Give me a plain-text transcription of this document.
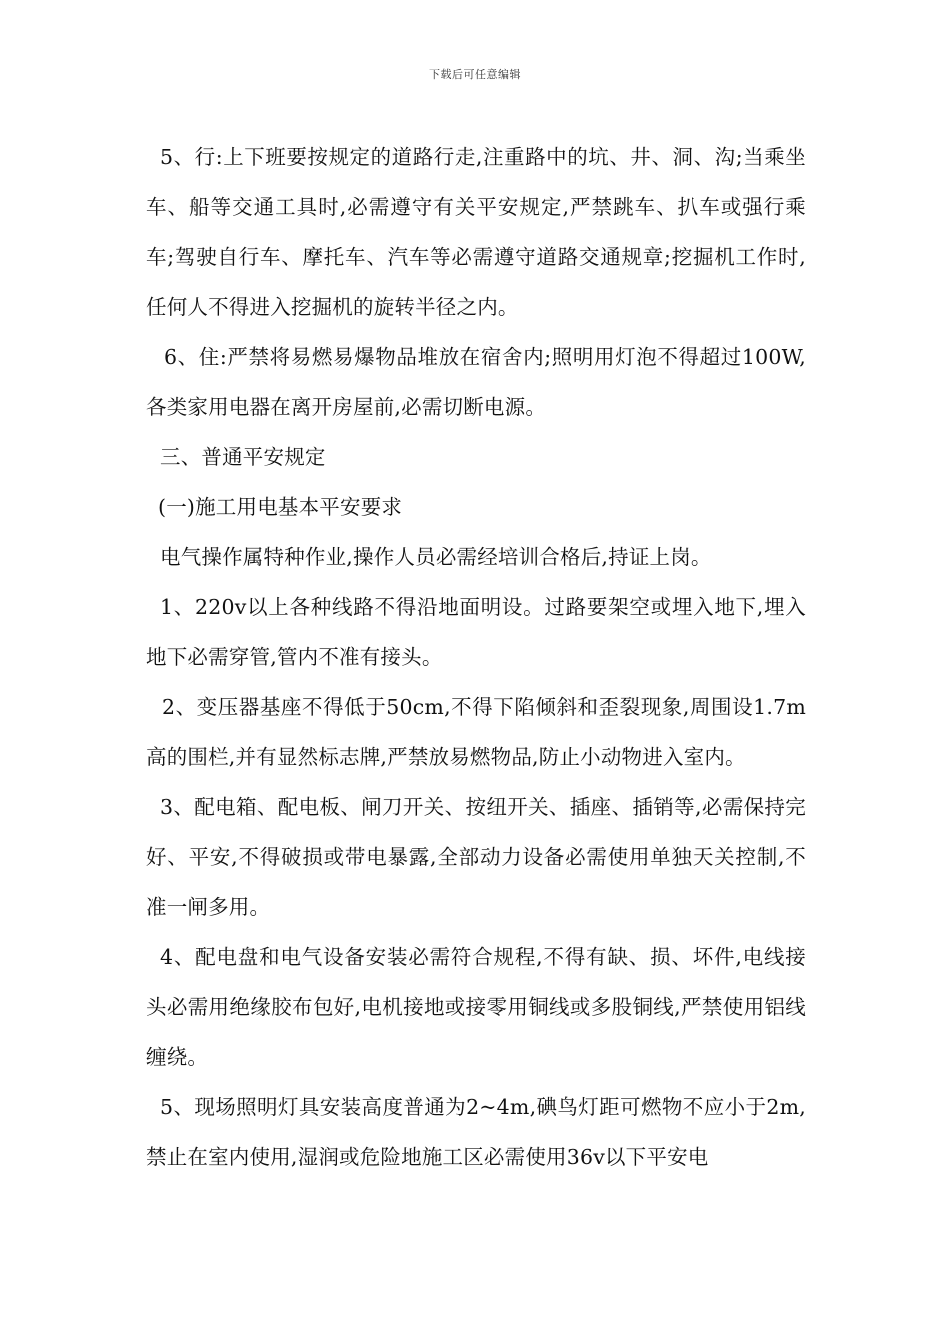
下载后可任意编辑

5、行:上下班要按规定的道路行走,注重路中的坑、井、洞、沟;当乘坐车、船等交通工具时,必需遵守有关平安规定,严禁跳车、扒车或强行乘车;驾驶自行车、摩托车、汽车等必需遵守道路交通规章;挖掘机工作时,任何人不得进入挖掘机的旋转半径之内。

6、住:严禁将易燃易爆物品堆放在宿舍内;照明用灯泡不得超过100W,各类家用电器在离开房屋前,必需切断电源。

三、普通平安规定

(一)施工用电基本平安要求

电气操作属特种作业,操作人员必需经培训合格后,持证上岗。

1、220v以上各种线路不得沿地面明设。过路要架空或埋入地下,埋入地下必需穿管,管内不准有接头。

2、变压器基座不得低于50cm,不得下陷倾斜和歪裂现象,周围设1.7m高的围栏,并有显然标志牌,严禁放易燃物品,防止小动物进入室内。

3、配电箱、配电板、闸刀开关、按纽开关、插座、插销等,必需保持完好、平安,不得破损或带电暴露,全部动力设备必需使用单独天关控制,不准一闸多用。

4、配电盘和电气设备安装必需符合规程,不得有缺、损、坏件,电线接头必需用绝缘胶布包好,电机接地或接零用铜线或多股铜线,严禁使用铝线缠绕。

5、现场照明灯具安装高度普通为2~4m,碘鸟灯距可燃物不应小于2m, 禁止在室内使用,湿润或危险地施工区必需使用36v以下平安电
